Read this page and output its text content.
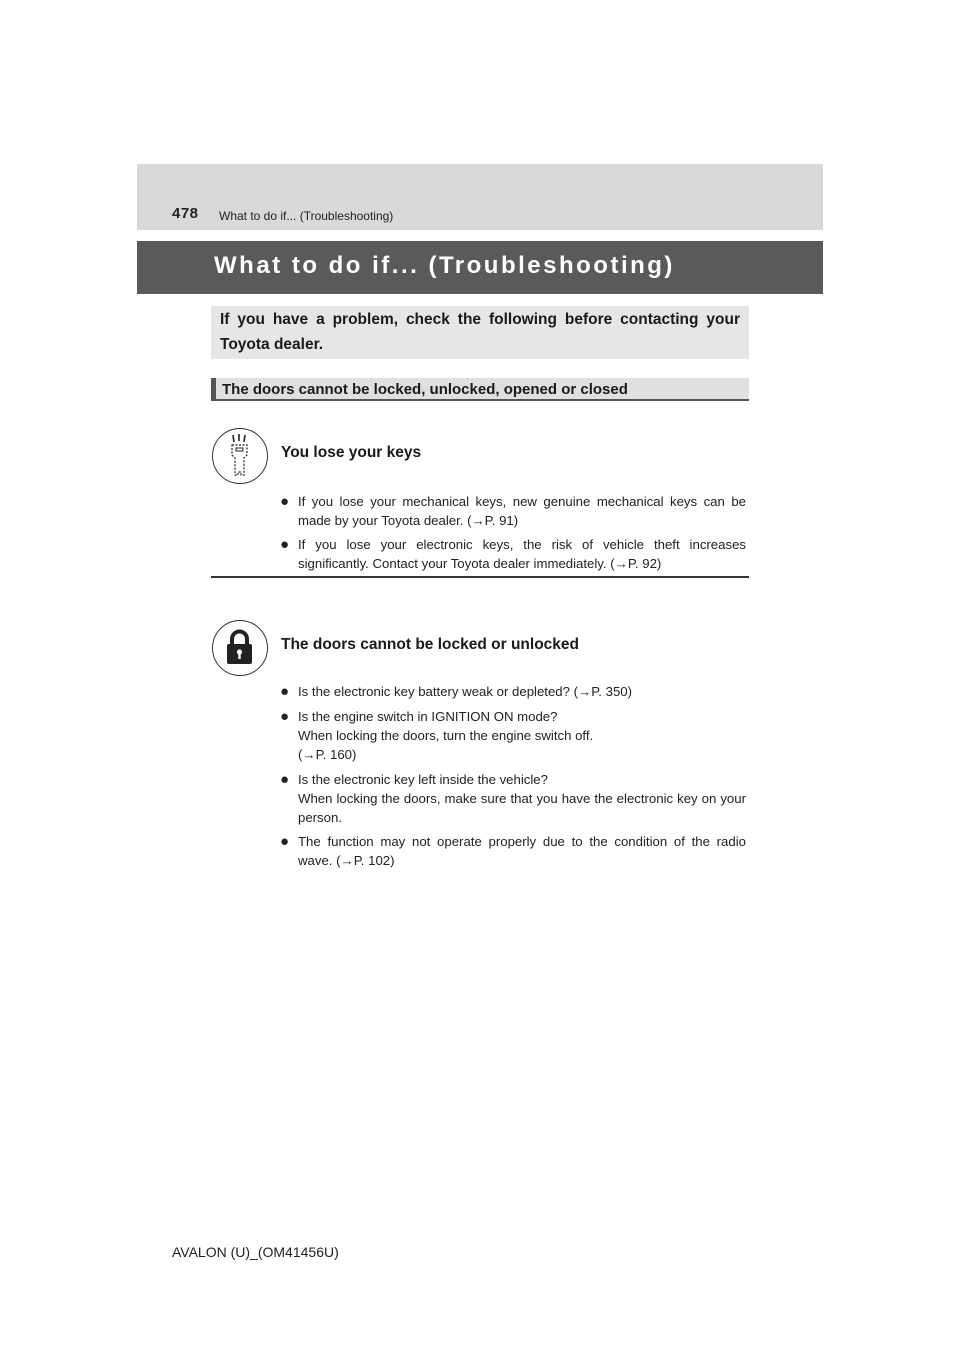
478 What to do if... (Troubleshooting)
What to do if... (Troubleshooting)
If you have a problem, check the following before contacting your Toyota dealer.
The doors cannot be locked, unlocked, opened or closed
You lose your keys
● If you lose your mechanical keys, new genuine mechanical keys can be made by your Toyota dealer. (→P. 91)
● If you lose your electronic keys, the risk of vehicle theft increases significantly. Contact your Toyota dealer immediately. (→P. 92)
The doors cannot be locked or unlocked
● Is the electronic key battery weak or depleted? (→P. 350)
● Is the engine switch in IGNITION ON mode?
When locking the doors, turn the engine switch off.
(→P. 160)
● Is the electronic key left inside the vehicle?
When locking the doors, make sure that you have the electronic key on your person.
● The function may not operate properly due to the condition of the radio wave. (→P. 102)
AVALON (U)_(OM41456U)
